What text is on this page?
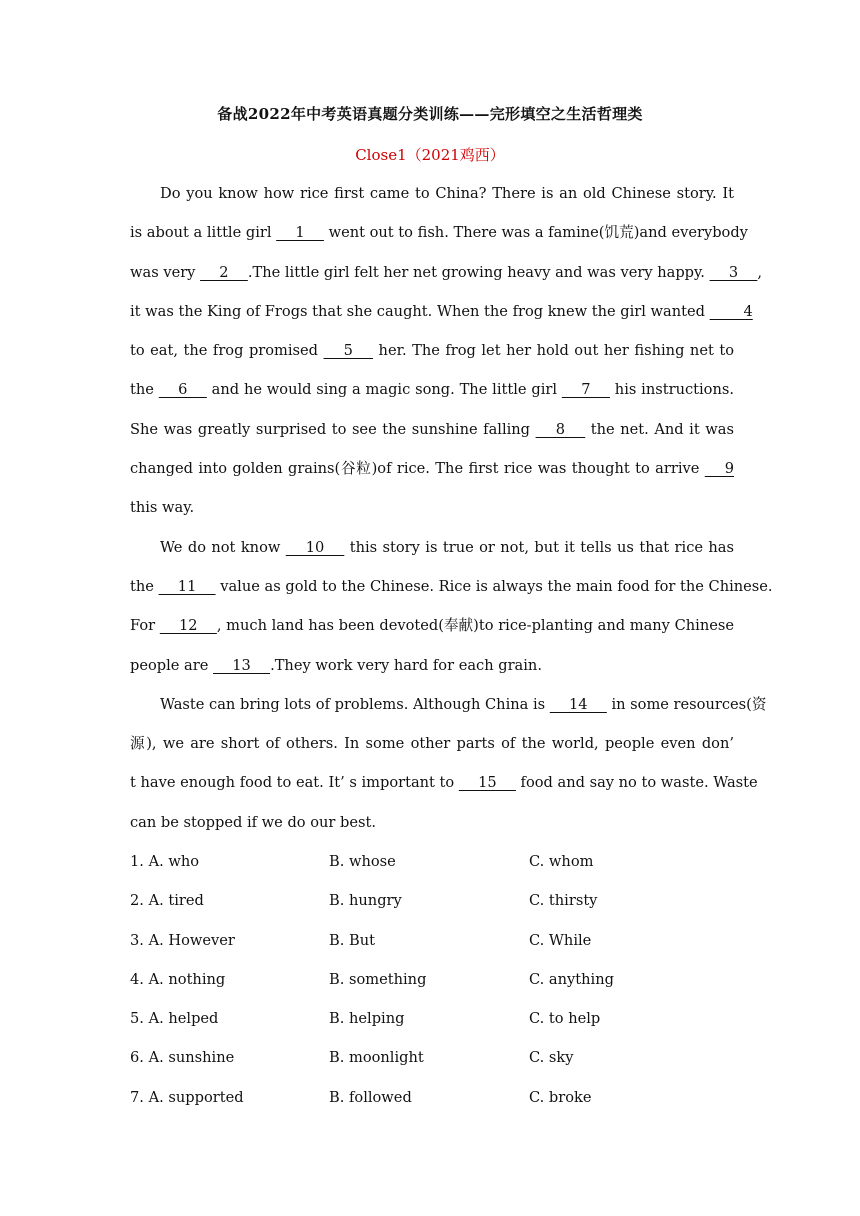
备战2022年中考英语真题分类训练——完形填空之生活哲理类
Close1（2021鸡西）
Do you know how rice first came to China? There is an old Chinese story. It
is about a little girl  __1__  went out to fish. There was a famine(饥荒)and everybody
was very  __2__ .The little girl felt her net growing heavy and was very happy.  __3__ ,
it was the King of Frogs that she caught. When the frog knew the girl wanted  ____4
to eat, the frog promised  __5__  her. The frog let her hold out her fishing net to
the  __6__  and he would sing a magic song. The little girl  __7__  his instructions.
She was greatly surprised to see the sunshine falling  __8__  the net. And it was
changed into golden grains(谷粒)of rice. The first rice was thought to arrive  __9
this way.
We do not know  __10__  this story is true or not, but it tells us that rice has
the  __11__  value as gold to the Chinese. Rice is always the main food for the Chinese.
For  __12__ , much land has been devoted(奉献)to rice-planting and many Chinese
people are  __13__ .They work very hard for each grain.
Waste can bring lots of problems. Although China is  __14__  in some resources(资
源), we are short of others. In some other parts of the world, people even don’
t have enough food to eat. It’ s important to  __15__  food and say no to waste. Waste
can be stopped if we do our best.
1. A. who	B. whose	C. whom
2. A. tired	B. hungry	C. thirsty
3. A. However	B. But	C. While
4. A. nothing	B. something	C. anything
5. A. helped	B. helping	C. to help
6. A. sunshine	B. moonlight	C. sky
7. A. supported	B. followed	C. broke
